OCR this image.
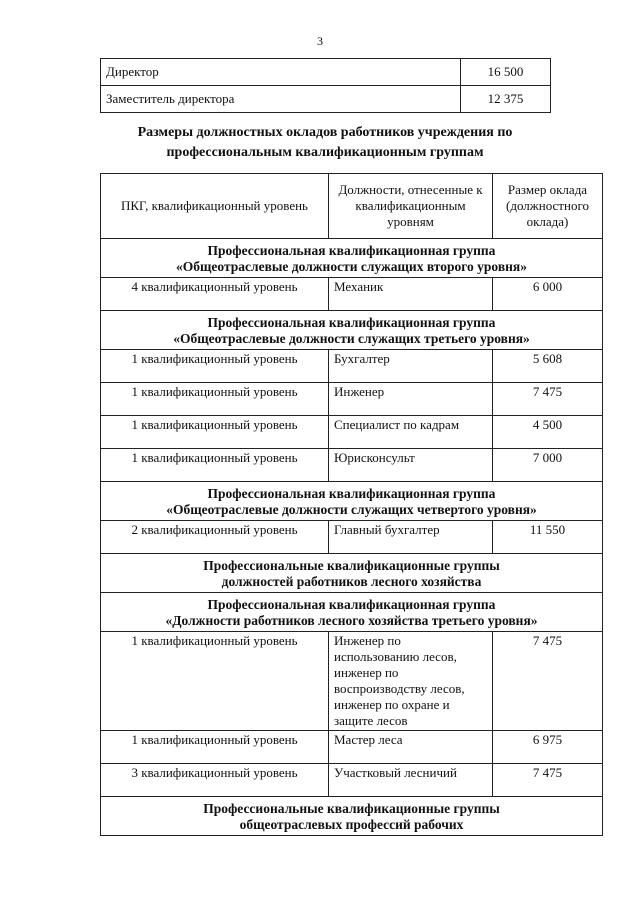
3
Директор	16 500
Заместитель директора	12 375
Размеры должностных окладов работников учреждения по
профессиональным квалификационным группам
ПКГ, квалификационный уровень	Должности, отнесенные к квалификационным уровням	Размер оклада (должностного оклада)

Профессиональная квалификационная группа
«Общеотраслевые должности служащих второго уровня»		

4 квалификационный уровень	Механик	6 000

Профессиональная квалификационная группа
«Общеотраслевые должности служащих третьего уровня»		

1 квалификационный уровень	Бухгалтер	5 608
1 квалификационный уровень	Инженер	7 475
1 квалификационный уровень	Специалист по кадрам	4 500
1 квалификационный уровень	Юрисконсульт	7 000

Профессиональная квалификационная группа
«Общеотраслевые должности служащих четвертого уровня»		

2 квалификационный уровень	Главный бухгалтер	11 550

Профессиональные квалификационные группы
должностей работников лесного хозяйства		

Профессиональная квалификационная группа
«Должности работников лесного хозяйства третьего уровня»		

1 квалификационный уровень	Инженер по использованию лесов, инженер по воспроизводству лесов, инженер по охране и защите лесов	7 475
1 квалификационный уровень	Мастер леса	6 975
3 квалификационный уровень	Участковый лесничий	7 475

Профессиональные квалификационные группы
общеотраслевых профессий рабочих		
